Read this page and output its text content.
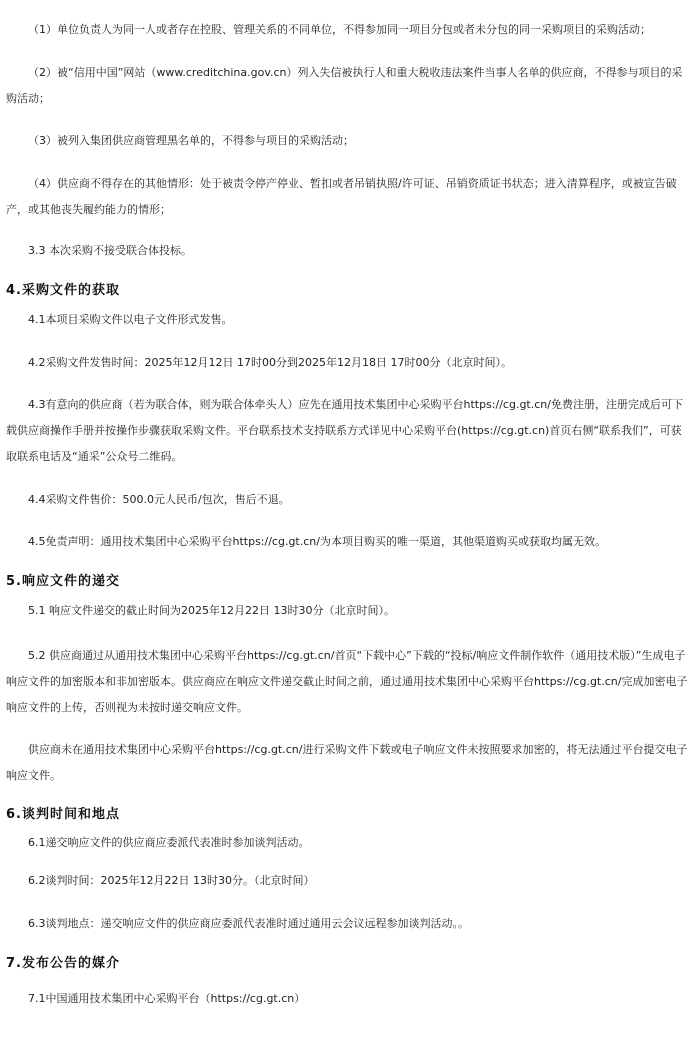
（1）单位负责人为同一人或者存在控股、管理关系的不同单位，不得参加同一项目分包或者未分包的同一采购项目的采购活动；

（2）被“信用中国”网站（www.creditchina.gov.cn）列入失信被执行人和重大税收违法案件当事人名单的供应商，不得参与项目的采购活动；

（3）被列入集团供应商管理黑名单的，不得参与项目的采购活动；

（4）供应商不得存在的其他情形：处于被责令停产停业、暂扣或者吊销执照/许可证、吊销资质证书状态；进入清算程序，或被宣告破产，或其他丧失履约能力的情形；

3.3 本次采购不接受联合体投标。

4.采购文件的获取

4.1本项目采购文件以电子文件形式发售。

4.2采购文件发售时间：2025年12月12日 17时00分到2025年12月18日 17时00分（北京时间）。

4.3有意向的供应商（若为联合体，则为联合体牵头人）应先在通用技术集团中心采购平台https://cg.gt.cn/免费注册，注册完成后可下载供应商操作手册并按操作步骤获取采购文件。平台联系技术支持联系方式详见中心采购平台(https://cg.gt.cn)首页右侧“联系我们”，可获取联系电话及“通采”公众号二维码。

4.4采购文件售价：500.0元人民币/包次，售后不退。

4.5免责声明：通用技术集团中心采购平台https://cg.gt.cn/为本项目购买的唯一渠道，其他渠道购买或获取均属无效。

5.响应文件的递交

5.1 响应文件递交的截止时间为2025年12月22日 13时30分（北京时间）。

5.2 供应商通过从通用技术集团中心采购平台https://cg.gt.cn/首页“下载中心”下载的“投标/响应文件制作软件（通用技术版）”生成电子响应文件的加密版本和非加密版本。供应商应在响应文件递交截止时间之前，通过通用技术集团中心采购平台https://cg.gt.cn/完成加密电子响应文件的上传，否则视为未按时递交响应文件。

供应商未在通用技术集团中心采购平台https://cg.gt.cn/进行采购文件下载或电子响应文件未按照要求加密的，将无法通过平台提交电子响应文件。

6.谈判时间和地点

6.1递交响应文件的供应商应委派代表准时参加谈判活动。

6.2谈判时间：2025年12月22日 13时30分。（北京时间）

6.3谈判地点：递交响应文件的供应商应委派代表准时通过通用云会议远程参加谈判活动。。

7.发布公告的媒介

7.1中国通用技术集团中心采购平台（https://cg.gt.cn）
